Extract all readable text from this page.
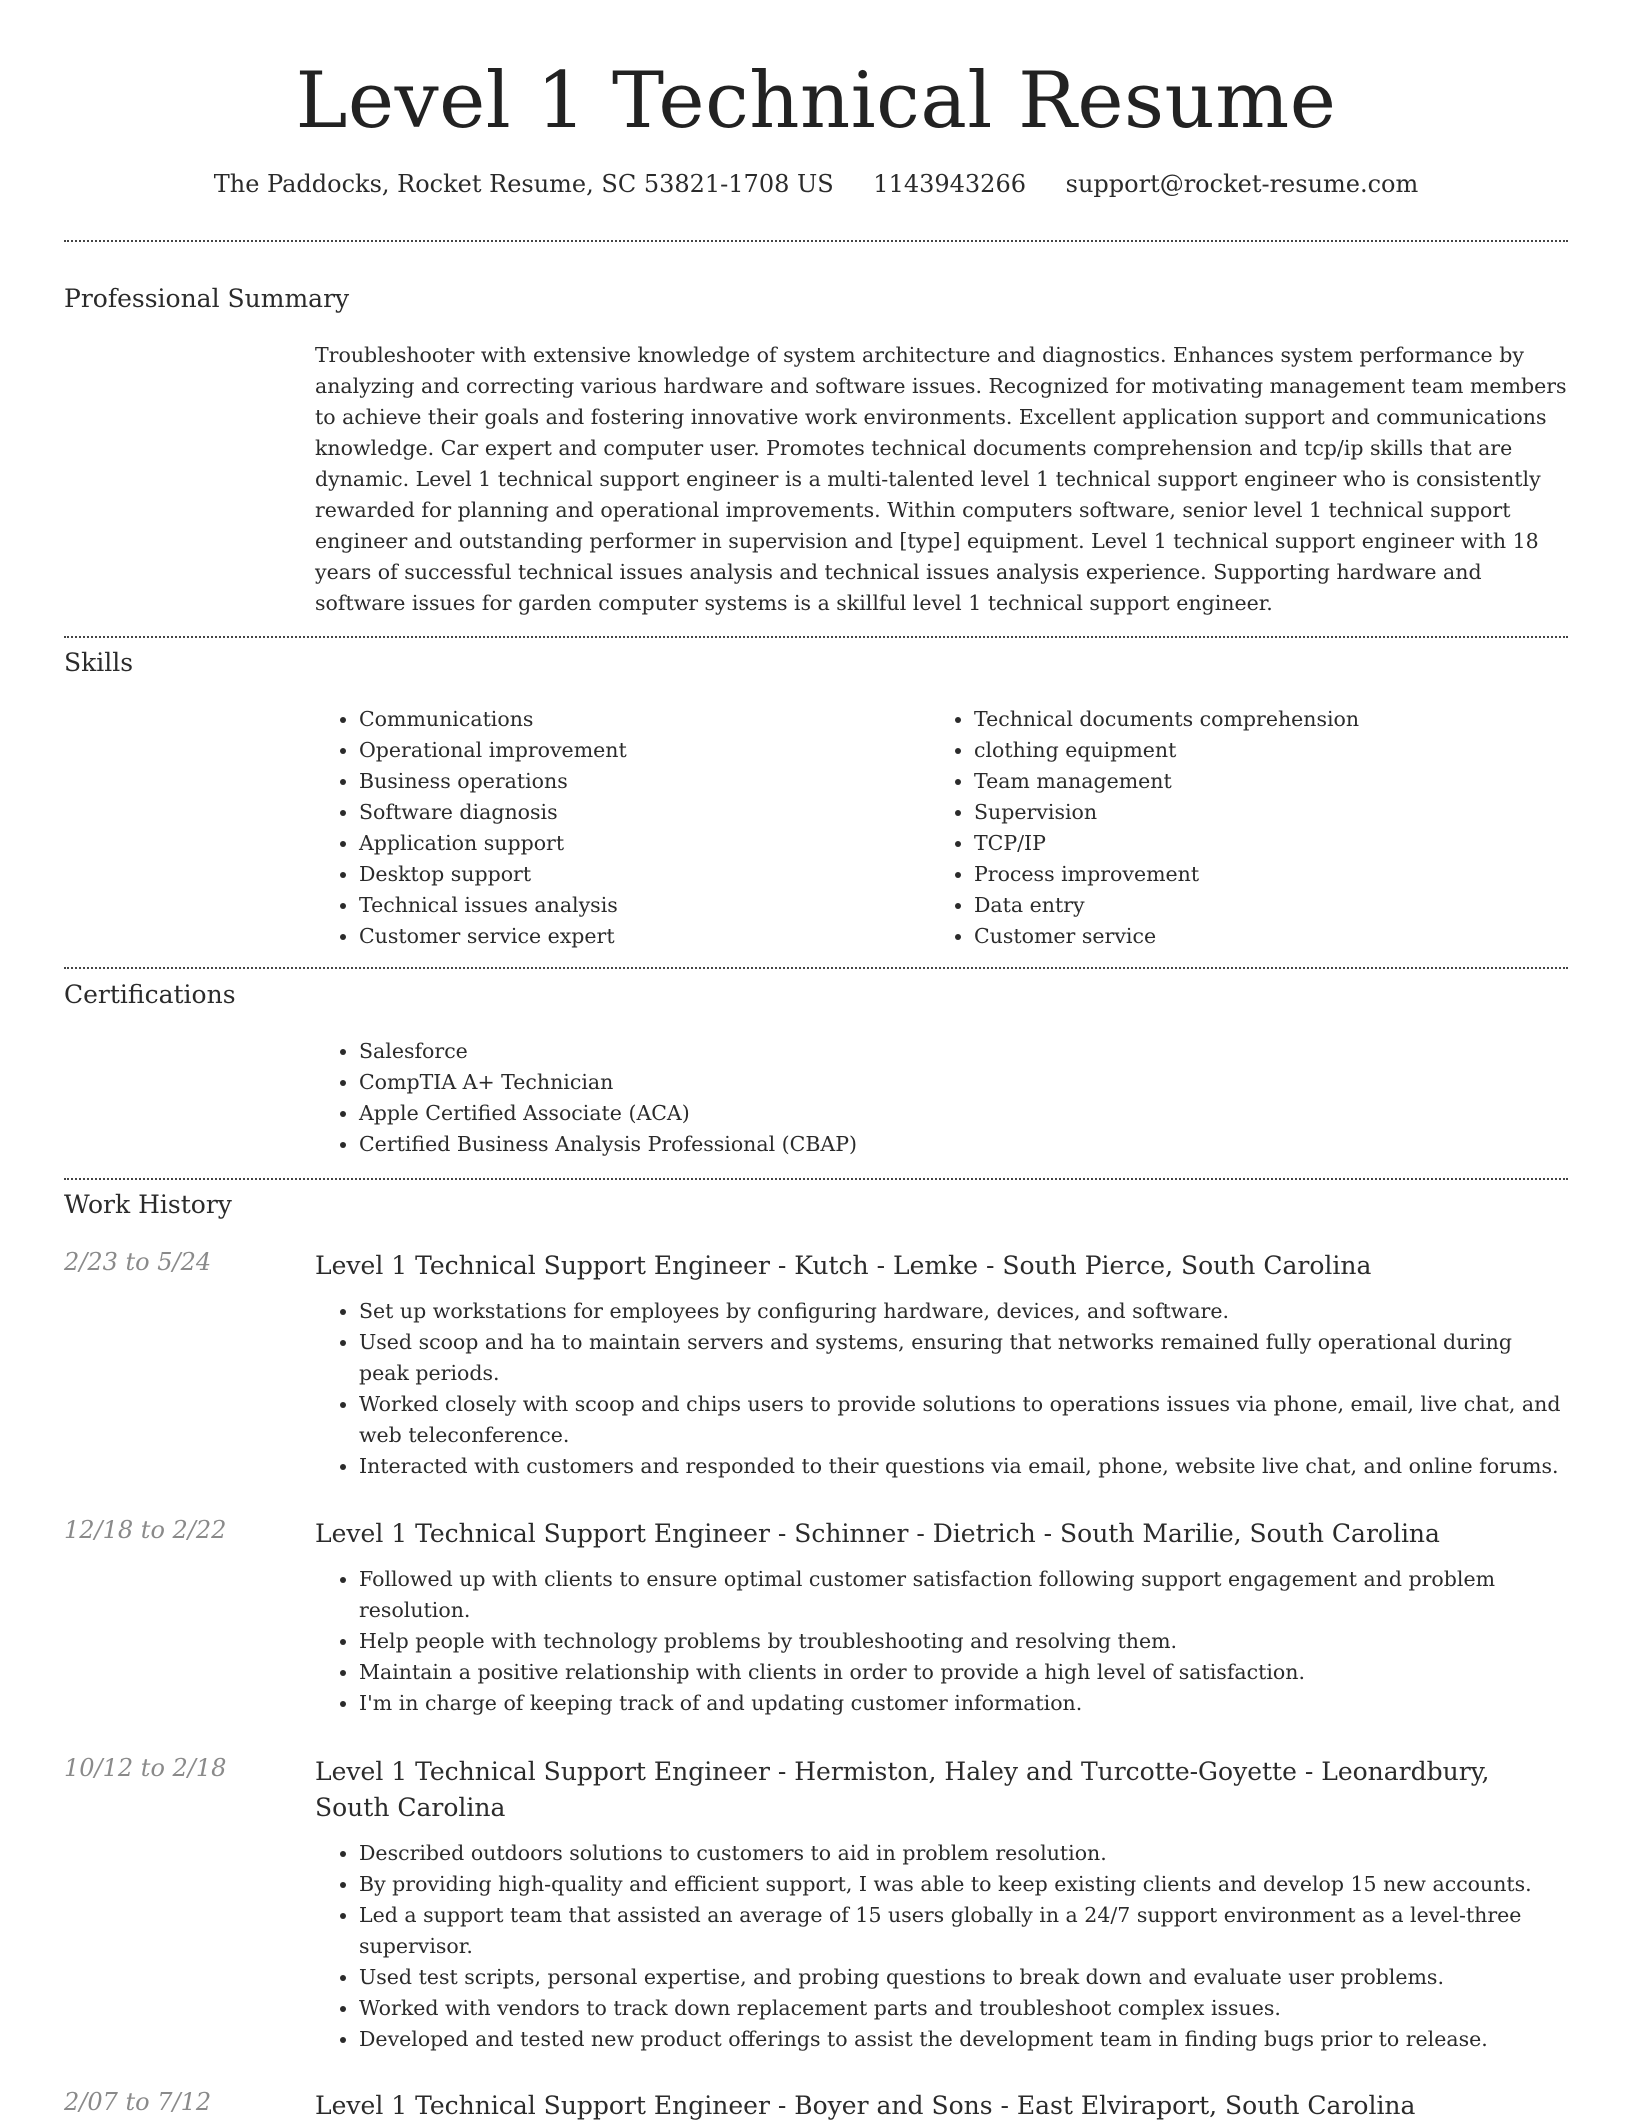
Level 1 Technical Resume
The Paddocks, Rocket Resume, SC 53821-1708 US 1143943266 support@rocket-resume.com
Professional Summary
Troubleshooter with extensive knowledge of system architecture and diagnostics. Enhances system performance by analyzing and correcting various hardware and software issues. Recognized for motivating management team members to achieve their goals and fostering innovative work environments. Excellent application support and communications knowledge. Car expert and computer user. Promotes technical documents comprehension and tcp/ip skills that are dynamic. Level 1 technical support engineer is a multi-talented level 1 technical support engineer who is consistently rewarded for planning and operational improvements. Within computers software, senior level 1 technical support engineer and outstanding performer in supervision and [type] equipment. Level 1 technical support engineer with 18 years of successful technical issues analysis and technical issues analysis experience. Supporting hardware and software issues for garden computer systems is a skillful level 1 technical support engineer.
Skills
• Communications
• Operational improvement
• Business operations
• Software diagnosis
• Application support
• Desktop support
• Technical issues analysis
• Customer service expert
• Technical documents comprehension
• clothing equipment
• Team management
• Supervision
• TCP/IP
• Process improvement
• Data entry
• Customer service
Certifications
• Salesforce
• CompTIA A+ Technician
• Apple Certified Associate (ACA)
• Certified Business Analysis Professional (CBAP)
Work History
2/23 to 5/24	Level 1 Technical Support Engineer - Kutch - Lemke - South Pierce, South Carolina
• Set up workstations for employees by configuring hardware, devices, and software.
• Used scoop and ha to maintain servers and systems, ensuring that networks remained fully operational during peak periods.
• Worked closely with scoop and chips users to provide solutions to operations issues via phone, email, live chat, and web teleconference.
• Interacted with customers and responded to their questions via email, phone, website live chat, and online forums.
12/18 to 2/22	Level 1 Technical Support Engineer - Schinner - Dietrich - South Marilie, South Carolina
• Followed up with clients to ensure optimal customer satisfaction following support engagement and problem resolution.
• Help people with technology problems by troubleshooting and resolving them.
• Maintain a positive relationship with clients in order to provide a high level of satisfaction.
• I'm in charge of keeping track of and updating customer information.
10/12 to 2/18	Level 1 Technical Support Engineer - Hermiston, Haley and Turcotte-Goyette - Leonardbury, South Carolina
• Described outdoors solutions to customers to aid in problem resolution.
• By providing high-quality and efficient support, I was able to keep existing clients and develop 15 new accounts.
• Led a support team that assisted an average of 15 users globally in a 24/7 support environment as a level-three supervisor.
• Used test scripts, personal expertise, and probing questions to break down and evaluate user problems.
• Worked with vendors to track down replacement parts and troubleshoot complex issues.
• Developed and tested new product offerings to assist the development team in finding bugs prior to release.
2/07 to 7/12	Level 1 Technical Support Engineer - Boyer and Sons - East Elviraport, South Carolina
